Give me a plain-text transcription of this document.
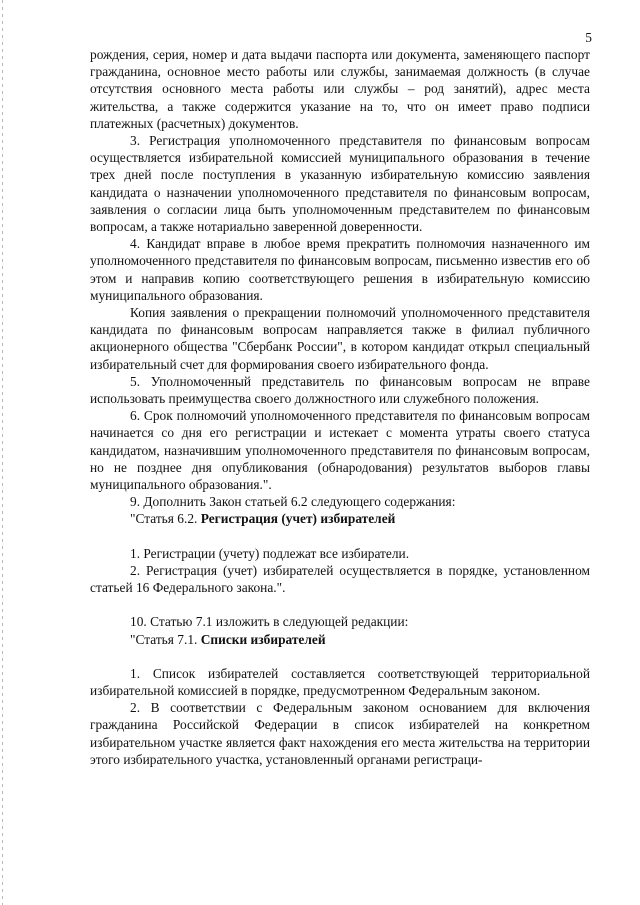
5

рождения, серия, номер и дата выдачи паспорта или документа, заменяющего паспорт гражданина, основное место работы или службы, занимаемая должность (в случае отсутствия основного места работы или службы – род занятий), адрес места жительства, а также содержится указание на то, что он имеет право подписи платежных (расчетных) документов.

3. Регистрация уполномоченного представителя по финансовым вопросам осуществляется избирательной комиссией муниципального образования в течение трех дней после поступления в указанную избирательную комиссию заявления кандидата о назначении уполномоченного представителя по финансовым вопросам, заявления о согласии лица быть уполномоченным представителем по финансовым вопросам, а также нотариально заверенной доверенности.

4. Кандидат вправе в любое время прекратить полномочия назначенного им уполномоченного представителя по финансовым вопросам, письменно известив его об этом и направив копию соответствующего решения в избирательную комиссию муниципального образования.

Копия заявления о прекращении полномочий уполномоченного представителя кандидата по финансовым вопросам направляется также в филиал публичного акционерного общества "Сбербанк России", в котором кандидат открыл специальный избирательный счет для формирования своего избирательного фонда.

5. Уполномоченный представитель по финансовым вопросам не вправе использовать преимущества своего должностного или служебного положения.

6. Срок полномочий уполномоченного представителя по финансовым вопросам начинается со дня его регистрации и истекает с момента утраты своего статуса кандидатом, назначившим уполномоченного представителя по финансовым вопросам, но не позднее дня опубликования (обнародования) результатов выборов главы муниципального образования.".

9. Дополнить Закон статьей 6.2 следующего содержания:

"Статья 6.2. Регистрация (учет) избирателей

1. Регистрации (учету) подлежат все избиратели.

2. Регистрация (учет) избирателей осуществляется в порядке, установленном статьей 16 Федерального закона.".

10. Статью 7.1 изложить в следующей редакции:

"Статья 7.1. Списки избирателей

1. Список избирателей составляется соответствующей территориальной избирательной комиссией в порядке, предусмотренном Федеральным законом.

2. В соответствии с Федеральным законом основанием для включения гражданина Российской Федерации в список избирателей на конкретном избирательном участке является факт нахождения его места жительства на территории этого избирательного участка, установленный органами регистраци-
